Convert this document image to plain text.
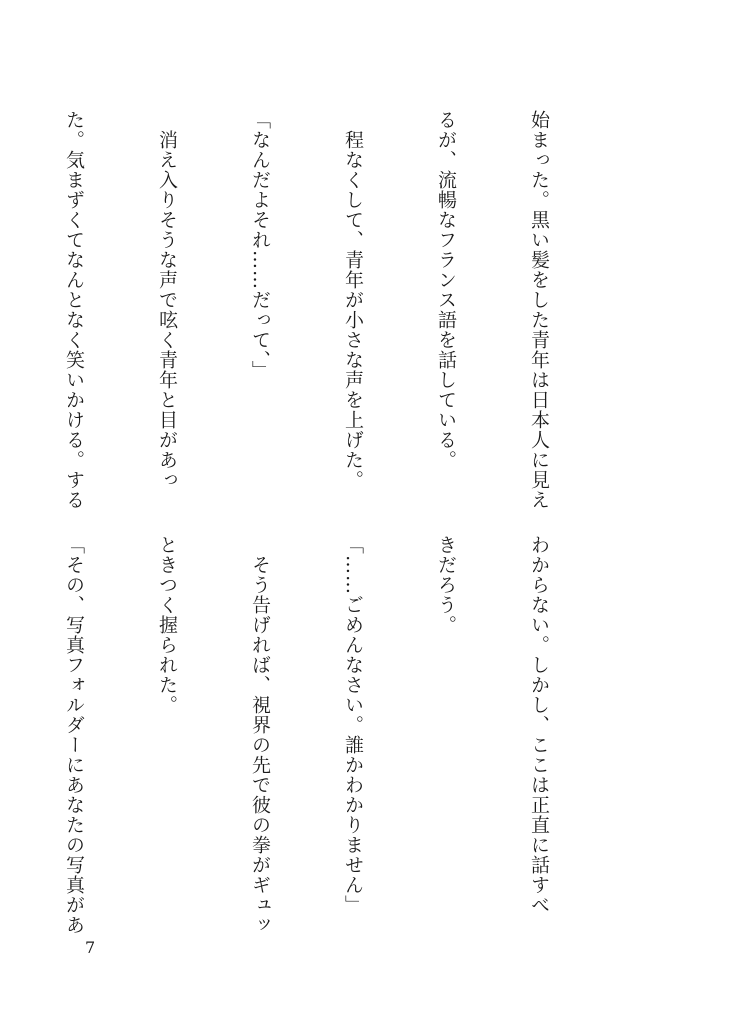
始まった。黒い髪をした青年は日本人に見え

るが、流暢なフランス語を話している。

　程なくして、青年が小さな声を上げた。

「なんだよそれ……だって、」

　消え入りそうな声で呟く青年と目があっ

た。気まずくてなんとなく笑いかける。する

わからない。しかし、ここは正直に話すべ

きだろう。

「……ごめんなさい。誰かわかりません」

　そう告げれば、視界の先で彼の拳がギュッ

ときつく握られた。

「その、写真フォルダーにあなたの写真があ

7
